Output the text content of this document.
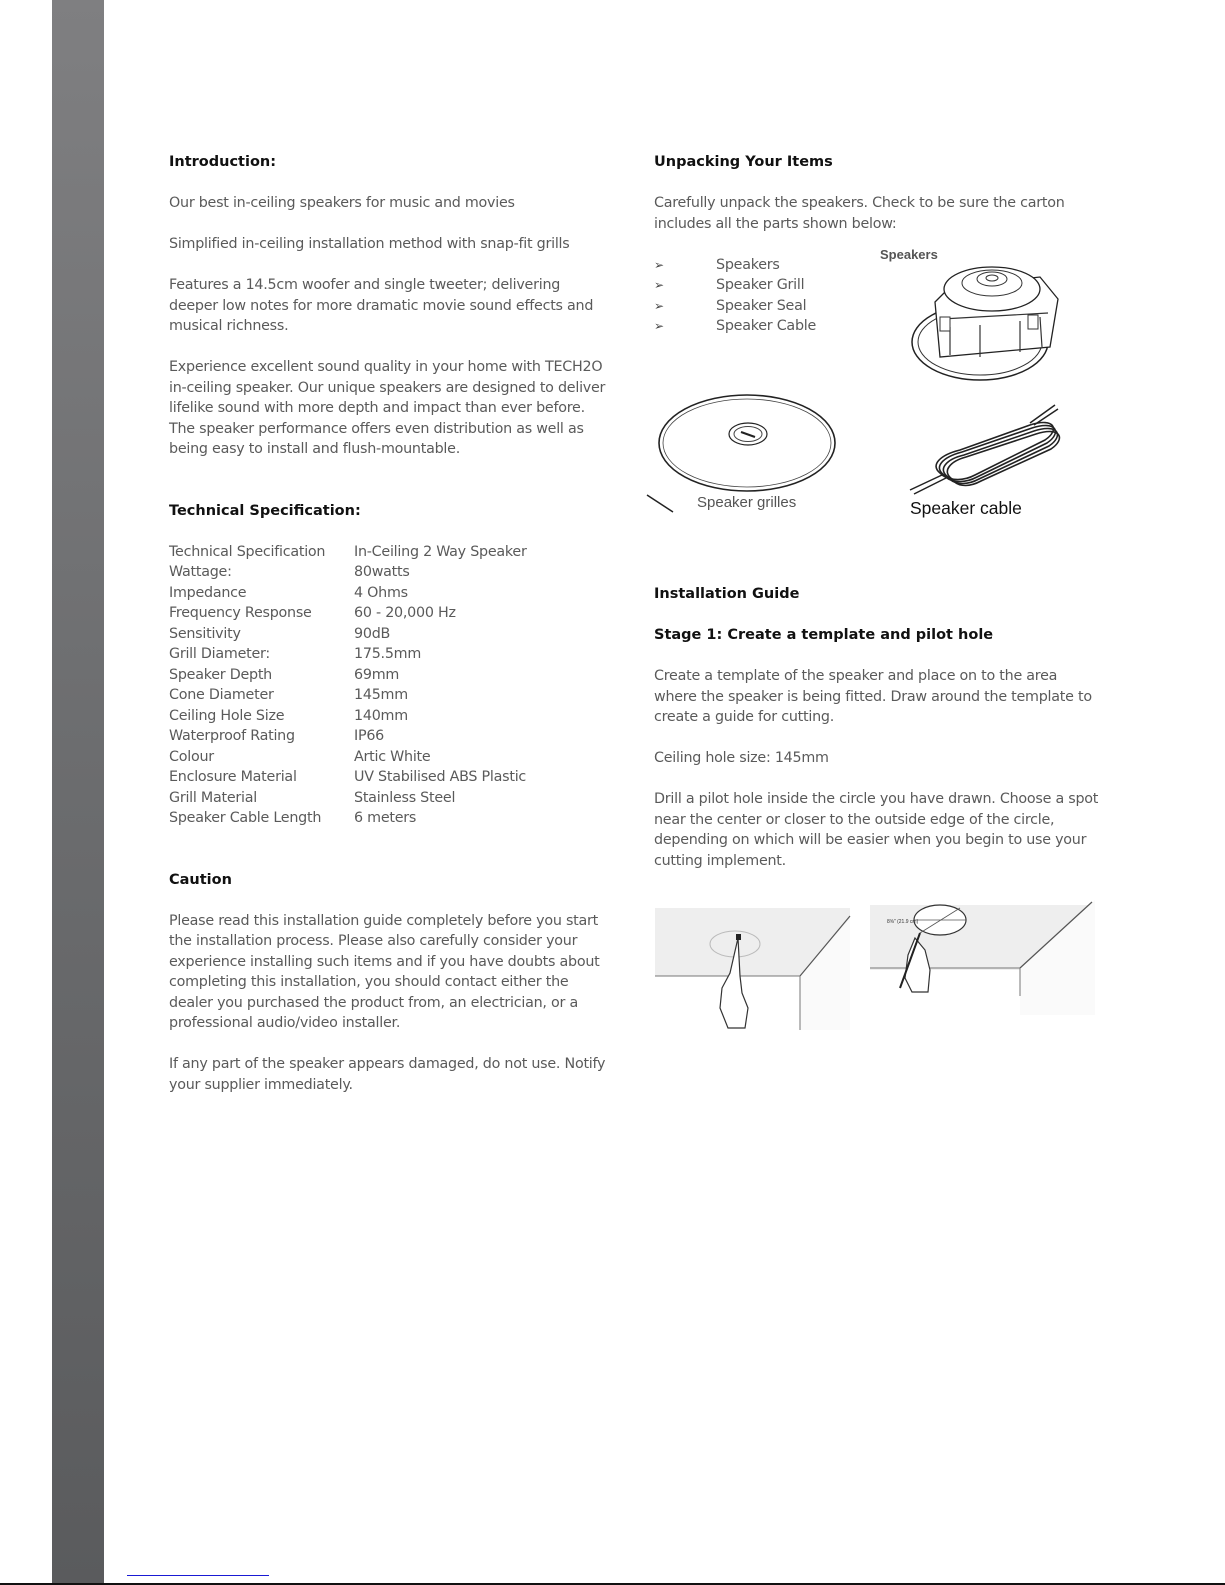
Introduction:

Our best in-ceiling speakers for music and movies

Simplified in-ceiling installation method with snap-fit grills

Features a 14.5cm woofer and single tweeter; delivering deeper low notes for more dramatic movie sound effects and musical richness.

Experience excellent sound quality in your home with TECH2O in-ceiling speaker. Our unique speakers are designed to deliver lifelike sound with more depth and impact than ever before. The speaker performance offers even distribution as well as being easy to install and flush-mountable.

Technical Specification:
Technical Specification	In-Ceiling 2 Way Speaker
Wattage:	80watts
Impedance	4 Ohms
Frequency Response	60 - 20,000 Hz
Sensitivity	90dB
Grill Diameter:	175.5mm
Speaker Depth	69mm
Cone Diameter	145mm
Ceiling Hole Size	140mm
Waterproof Rating	IP66
Colour	Artic White
Enclosure Material	UV Stabilised ABS Plastic
Grill Material	Stainless Steel
Speaker Cable Length	6 meters
Caution

Please read this installation guide completely before you start the installation process. Please also carefully consider your experience installing such items and if you have doubts about completing this installation, you should contact either the dealer you purchased the product from, an electrician, or a professional audio/video installer.

If any part of the speaker appears damaged, do not use. Notify your supplier immediately.

Unpacking Your Items

Carefully unpack the speakers. Check to be sure the carton includes all the parts shown below:

➢	Speakers
➢	Speaker Grill
➢	Speaker Seal
➢	Speaker Cable
Speakers
Speaker grilles	Speaker cable
Installation Guide
Stage 1: Create a template and pilot hole

Create a template of the speaker and place on to the area where the speaker is being fitted. Draw around the template to create a guide for cutting.

Ceiling hole size: 145mm

Drill a pilot hole inside the circle you have drawn. Choose a spot near the center or closer to the outside edge of the circle, depending on which will be easier when you begin to use your cutting implement.

8⅝" (21.9 cm)
